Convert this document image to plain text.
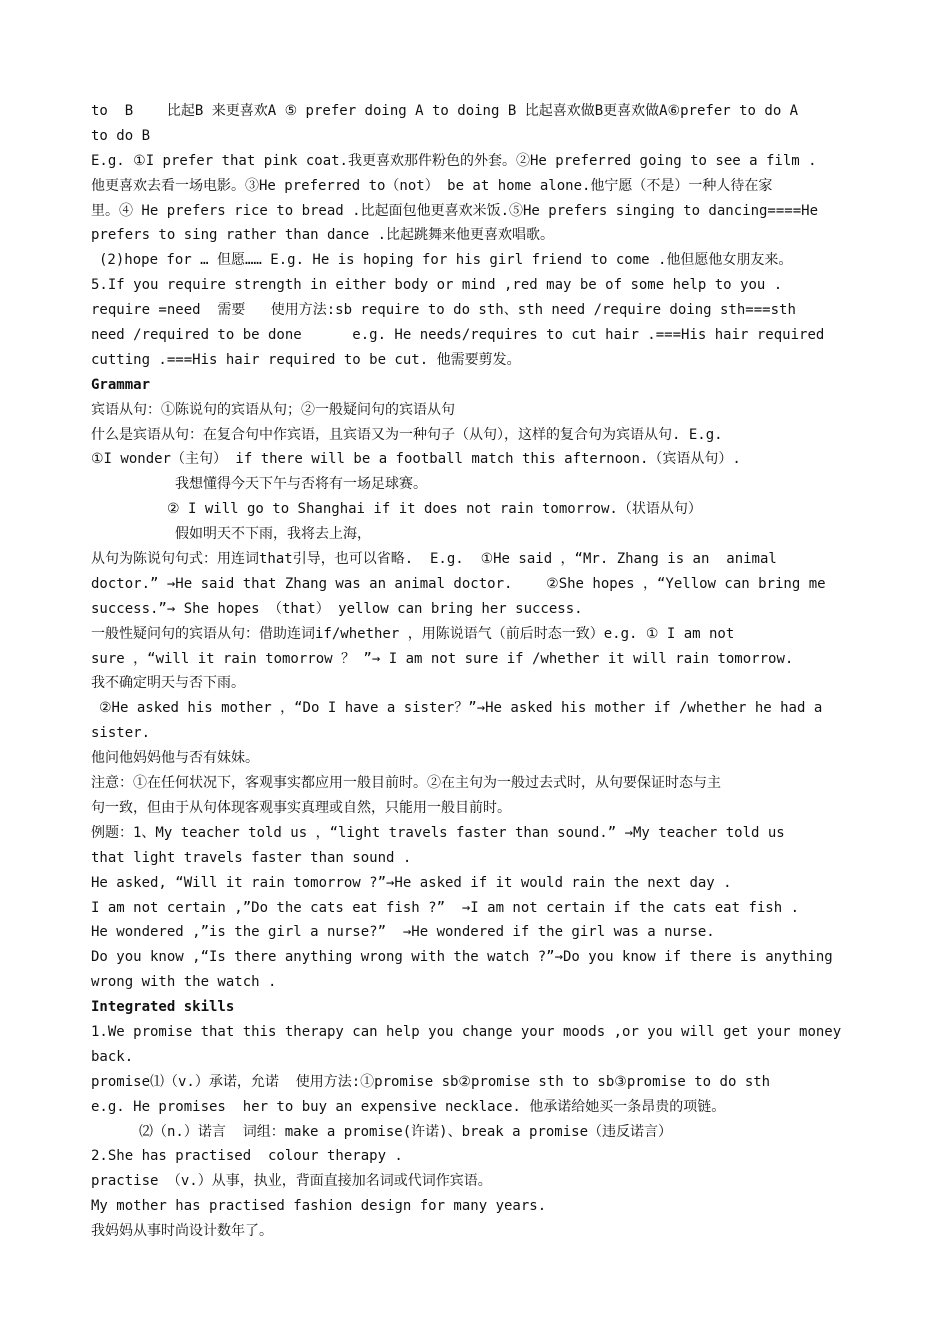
to  B    比起B 来更喜欢A ⑤ prefer doing A to doing B 比起喜欢做B更喜欢做A⑥prefer to do A
to do B
E.g. ①I prefer that pink coat.我更喜欢那件粉色的外套。②He preferred going to see a film .
他更喜欢去看一场电影。③He preferred to（not） be at home alone.他宁愿（不是）一种人待在家
里。④ He prefers rice to bread .比起面包他更喜欢米饭.⑤He prefers singing to dancing====He
prefers to sing rather than dance .比起跳舞来他更喜欢唱歌。
(2)hope for … 但愿…… E.g. He is hoping for his girl friend to come .他但愿他女朋友来。
5.If you require strength in either body or mind ,red may be of some help to you .
require =need  需要   使用方法:sb require to do sth、sth need /require doing sth===sth
need /required to be done      e.g. He needs/requires to cut hair .===His hair required
cutting .===His hair required to be cut. 他需要剪发。
Grammar
宾语从句：①陈说句的宾语从句；②一般疑问句的宾语从句
什么是宾语从句：在复合句中作宾语，且宾语又为一种句子（从句），这样的复合句为宾语从句. E.g.
①I wonder（主句） if there will be a football match this afternoon.（宾语从句）.
我想懂得今天下午与否将有一场足球赛。
② I will go to Shanghai if it does not rain tomorrow.（状语从句）
假如明天不下雨，我将去上海，
从句为陈说句句式：用连词that引导，也可以省略.  E.g.  ①He said ，“Mr. Zhang is an  animal
doctor.” →He said that Zhang was an animal doctor.    ②She hopes ，“Yellow can bring me
success.”→ She hopes （that） yellow can bring her success.
一般性疑问句的宾语从句：借助连词if/whether ，用陈说语气（前后时态一致）e.g. ① I am not
sure ，“will it rain tomorrow ？ ”→ I am not sure if /whether it will rain tomorrow.
我不确定明天与否下雨。
②He asked his mother ，“Do I have a sister？”→He asked his mother if /whether he had a
sister.
他问他妈妈他与否有妹妹。
注意：①在任何状况下，客观事实都应用一般目前时。②在主句为一般过去式时，从句要保证时态与主
句一致，但由于从句体现客观事实真理或自然，只能用一般目前时。
例题：1、My teacher told us ，“light travels faster than sound.” →My teacher told us
that light travels faster than sound .
He asked, “Will it rain tomorrow ?”→He asked if it would rain the next day .
I am not certain ,”Do the cats eat fish ?”  →I am not certain if the cats eat fish .
He wondered ,”is the girl a nurse?”  →He wondered if the girl was a nurse.
Do you know ,“Is there anything wrong with the watch ?”→Do you know if there is anything
wrong with the watch .
Integrated skills
1.We promise that this therapy can help you change your moods ,or you will get your money
back.
promise⑴（v.）承诺，允诺  使用方法:①promise sb②promise sth to sb③promise to do sth
e.g. He promises  her to buy an expensive necklace. 他承诺给她买一条昂贵的项链。
⑵（n.）诺言  词组：make a promise(许诺)、break a promise（违反诺言）
2.She has practised  colour therapy .
practise （v.）从事，执业，背面直接加名词或代词作宾语。
My mother has practised fashion design for many years.
我妈妈从事时尚设计数年了。
